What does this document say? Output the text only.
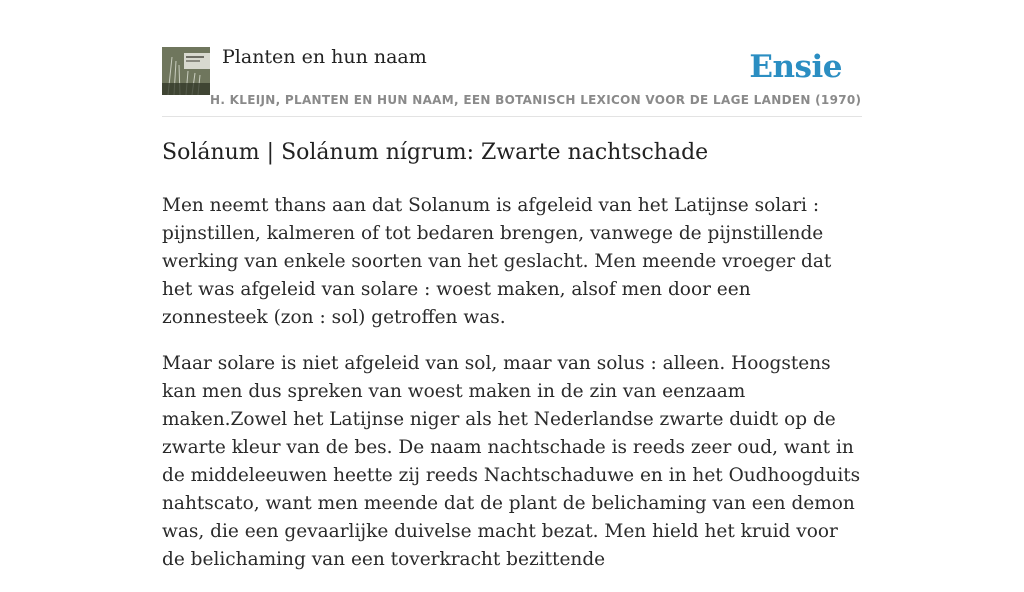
Planten en hun naam	Ensie
H. KLEIJN, PLANTEN EN HUN NAAM, EEN BOTANISCH LEXICON VOOR DE LAGE LANDEN (1970)
Solánum | Solánum nígrum: Zwarte nachtschade

Men neemt thans aan dat Solanum is afgeleid van het Latijnse solari : pijnstillen, kalmeren of tot bedaren brengen, vanwege de pijnstillende werking van enkele soorten van het geslacht. Men meende vroeger dat het was afgeleid van solare : woest maken, alsof men door een zonnesteek (zon : sol) getroffen was.

Maar solare is niet afgeleid van sol, maar van solus : alleen. Hoogstens kan men dus spreken van woest maken in de zin van eenzaam maken.Zowel het Latijnse niger als het Nederlandse zwarte duidt op de zwarte kleur van de bes. De naam nachtschade is reeds zeer oud, want in de middeleeuwen heette zij reeds Nachtschaduwe en in het Oudhoogduits nahtscato, want men meende dat de plant de belichaming van een demon was, die een gevaarlijke duivelse macht bezat. Men hield het kruid voor de belichaming van een toverkracht bezittende
